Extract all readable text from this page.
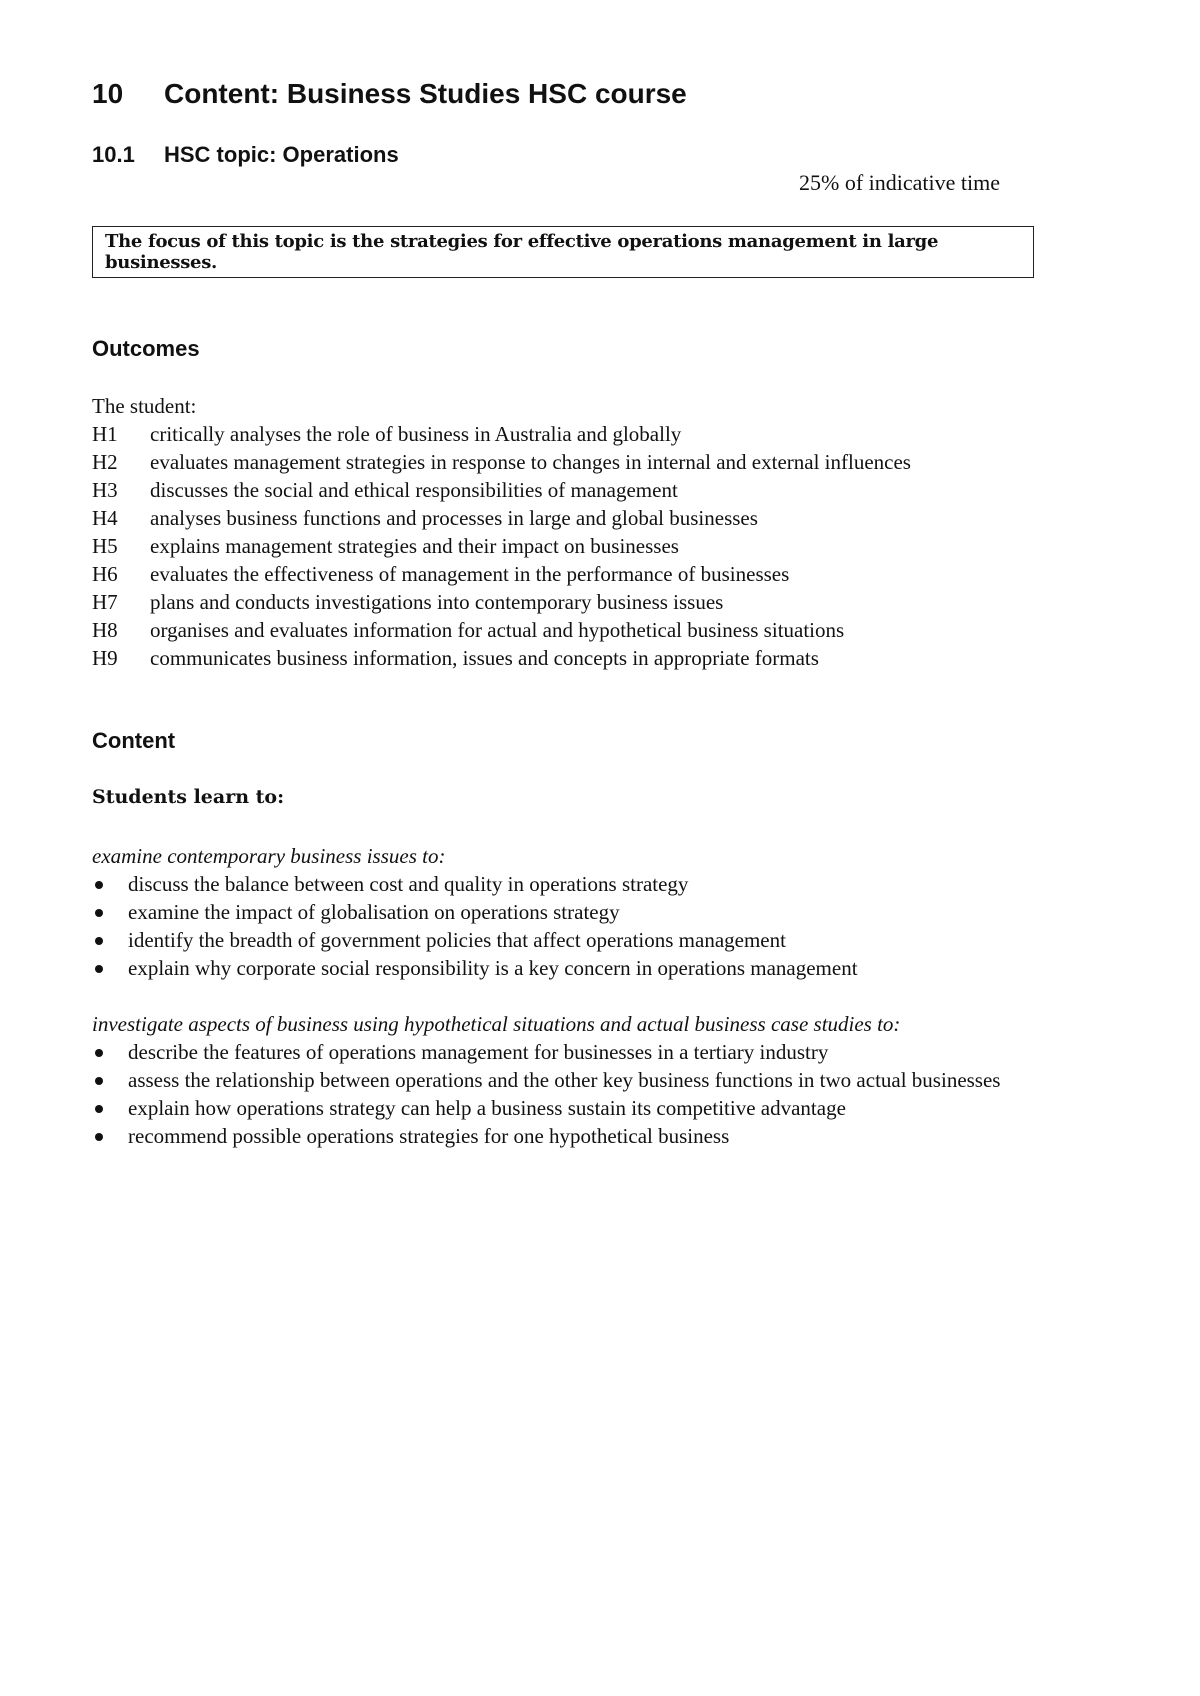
10	Content: Business Studies HSC course
10.1	HSC topic: Operations
25% of indicative time
The focus of this topic is the strategies for effective operations management in large businesses.
Outcomes

The student:

H1	critically analyses the role of business in Australia and globally
H2	evaluates management strategies in response to changes in internal and external influences
H3	discusses the social and ethical responsibilities of management
H4	analyses business functions and processes in large and global businesses
H5	explains management strategies and their impact on businesses
H6	evaluates the effectiveness of management in the performance of businesses
H7	plans and conducts investigations into contemporary business issues
H8	organises and evaluates information for actual and hypothetical business situations
H9	communicates business information, issues and concepts in appropriate formats
Content
Students learn to:
examine contemporary business issues to:
discuss the balance between cost and quality in operations strategy
examine the impact of globalisation on operations strategy
identify the breadth of government policies that affect operations management
explain why corporate social responsibility is a key concern in operations management
investigate aspects of business using hypothetical situations and actual business case studies to:
describe the features of operations management for businesses in a tertiary industry
assess the relationship between operations and the other key business functions in two actual businesses
explain how operations strategy can help a business sustain its competitive advantage
recommend possible operations strategies for one hypothetical business
